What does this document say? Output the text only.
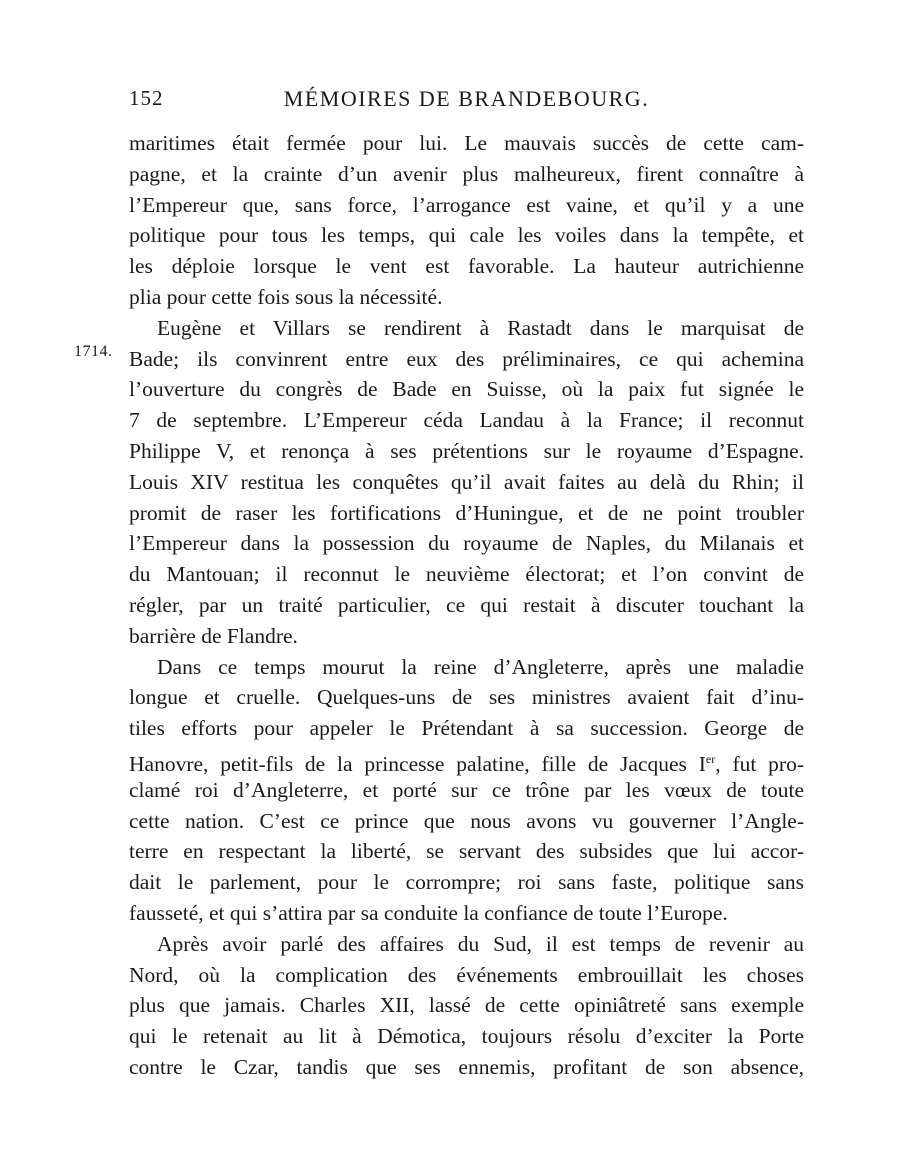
152	MÉMOIRES DE BRANDEBOURG.
1714.
maritimes était fermée pour lui. Le mauvais succès de cette cam-
pagne, et la crainte d’un avenir plus malheureux, firent connaître à
l’Empereur que, sans force, l’arrogance est vaine, et qu’il y a une
politique pour tous les temps, qui cale les voiles dans la tempête, et
les déploie lorsque le vent est favorable. La hauteur autrichienne
plia pour cette fois sous la nécessité.
Eugène et Villars se rendirent à Rastadt dans le marquisat de
Bade; ils convinrent entre eux des préliminaires, ce qui achemina
l’ouverture du congrès de Bade en Suisse, où la paix fut signée le
7 de septembre. L’Empereur céda Landau à la France; il reconnut
Philippe V, et renonça à ses prétentions sur le royaume d’Espagne.
Louis XIV restitua les conquêtes qu’il avait faites au delà du Rhin; il
promit de raser les fortifications d’Huningue, et de ne point troubler
l’Empereur dans la possession du royaume de Naples, du Milanais et
du Mantouan; il reconnut le neuvième électorat; et l’on convint de
régler, par un traité particulier, ce qui restait à discuter touchant la
barrière de Flandre.
Dans ce temps mourut la reine d’Angleterre, après une maladie
longue et cruelle. Quelques-uns de ses ministres avaient fait d’inu-
tiles efforts pour appeler le Prétendant à sa succession. George de
Hanovre, petit-fils de la princesse palatine, fille de Jacques Ier, fut pro-
clamé roi d’Angleterre, et porté sur ce trône par les vœux de toute
cette nation. C’est ce prince que nous avons vu gouverner l’Angle-
terre en respectant la liberté, se servant des subsides que lui accor-
dait le parlement, pour le corrompre; roi sans faste, politique sans
fausseté, et qui s’attira par sa conduite la confiance de toute l’Europe.
Après avoir parlé des affaires du Sud, il est temps de revenir au
Nord, où la complication des événements embrouillait les choses
plus que jamais. Charles XII, lassé de cette opiniâtreté sans exemple
qui le retenait au lit à Démotica, toujours résolu d’exciter la Porte
contre le Czar, tandis que ses ennemis, profitant de son absence,
